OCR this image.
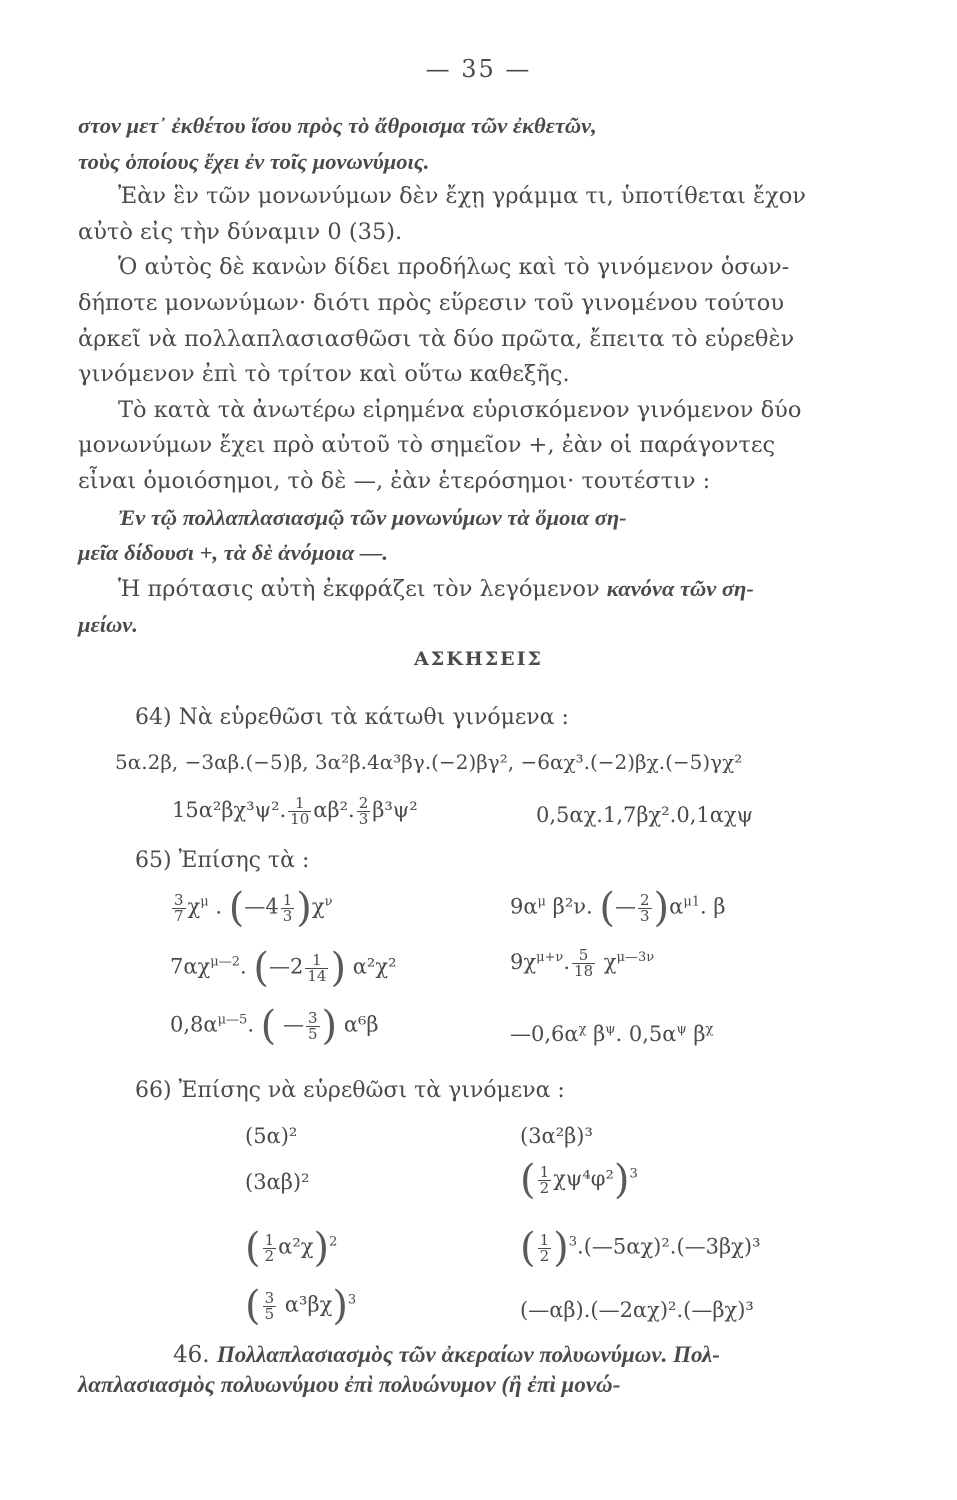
— 35 —
στον μετ᾽ ἐκθέτου ἴσου πρὸς τὸ ἄθροισμα τῶν ἐκθετῶν,
τοὺς ὁποίους ἔχει ἐν τοῖς μονωνύμοις.
Ἐὰν ἓν τῶν μονωνύμων δὲν ἔχῃ γράμμα τι, ὑποτίθεται ἔχον
αὐτὸ εἰς τὴν δύναμιν 0 (35).
Ὁ αὐτὸς δὲ κανὼν δίδει προδήλως καὶ τὸ γινόμενον ὁσων-
δήποτε μονωνύμων· διότι πρὸς εὕρεσιν τοῦ γινομένου τούτου
ἀρκεῖ νὰ πολλαπλασιασθῶσι τὰ δύο πρῶτα, ἔπειτα τὸ εὑρεθὲν
γινόμενον ἐπὶ τὸ τρίτον καὶ οὕτω καθεξῆς.
Τὸ κατὰ τὰ ἀνωτέρω εἰρημένα εὑρισκόμενον γινόμενον δύο
μονωνύμων ἔχει πρὸ αὐτοῦ τὸ σημεῖον +, ἐὰν οἱ παράγοντες
εἶναι ὁμοιόσημοι, τὸ δὲ —, ἐὰν ἑτερόσημοι· τουτέστιν :
Ἐν τῷ πολλαπλασιασμῷ τῶν μονωνύμων τὰ ὅμοια ση-
μεῖα δίδουσι +, τὰ δὲ ἀνόμοια —.
Ἡ πρότασις αὐτὴ ἐκφράζει τὸν λεγόμενον κανόνα τῶν ση-
μείων.
ΑΣΚΗΣΕΙΣ
64) Νὰ εὑρεθῶσι τὰ κάτωθι γινόμενα :
5α.2β, −3αβ.(−5)β, 3α²β.4α³βγ.(−2)βγ², −6αχ³.(−2)βχ.(−5)γχ²
15α²βχ³ψ². $\frac{1}{10} \alpha\beta^2$. $\frac{2}{3} \beta^3\psi^2$	0,5αχ.1,7βχ².0,1αχψ
65) Ἐπίσης τὰ :
$\frac{3}{7} \chi^\mu$ . (—4 $\frac{1}{3} )\chi^\nu$	$9\alpha^\mu$ β²ν. (— $\frac{2}{3} )\alpha^{\mu 1}$. β
$7\alpha\chi^{\mu—2}$. (—2 $\frac{1}{14}$ ) α²χ²	$9\chi^{\mu+\nu}$. $\frac{5}{18} \chi^{\mu—3\nu}$
$0,8\alpha^{\mu—5}$. ( — $\frac{3}{5}$ ) α⁶β	$—0,6\alpha^\chi$ $\beta^\psi$. $0,5\alpha^\psi$ $\beta^\chi$
66) Ἐπίσης νὰ εὑρεθῶσι τὰ γινόμενα :
(5α)²	(3α²β)³
(3αβ)²	( $\frac{1}{2} \chi\psi^4\varphi^2)^3$
( $\frac{1}{2} \alpha^2\chi)^2$	( $\frac{1}{2}$ )$^3$.(—5αχ)².(—3βχ)³
( $\frac{3}{5} \alpha^3\beta\chi)^3$	(—αβ).(—2αχ)².(—βχ)³
46. Πολλαπλασιασμὸς τῶν ἀκεραίων πολυωνύμων. Πολ-
λαπλασιασμὸς πολυωνύμου ἐπὶ πολυώνυμον (ἢ ἐπὶ μονώ-
